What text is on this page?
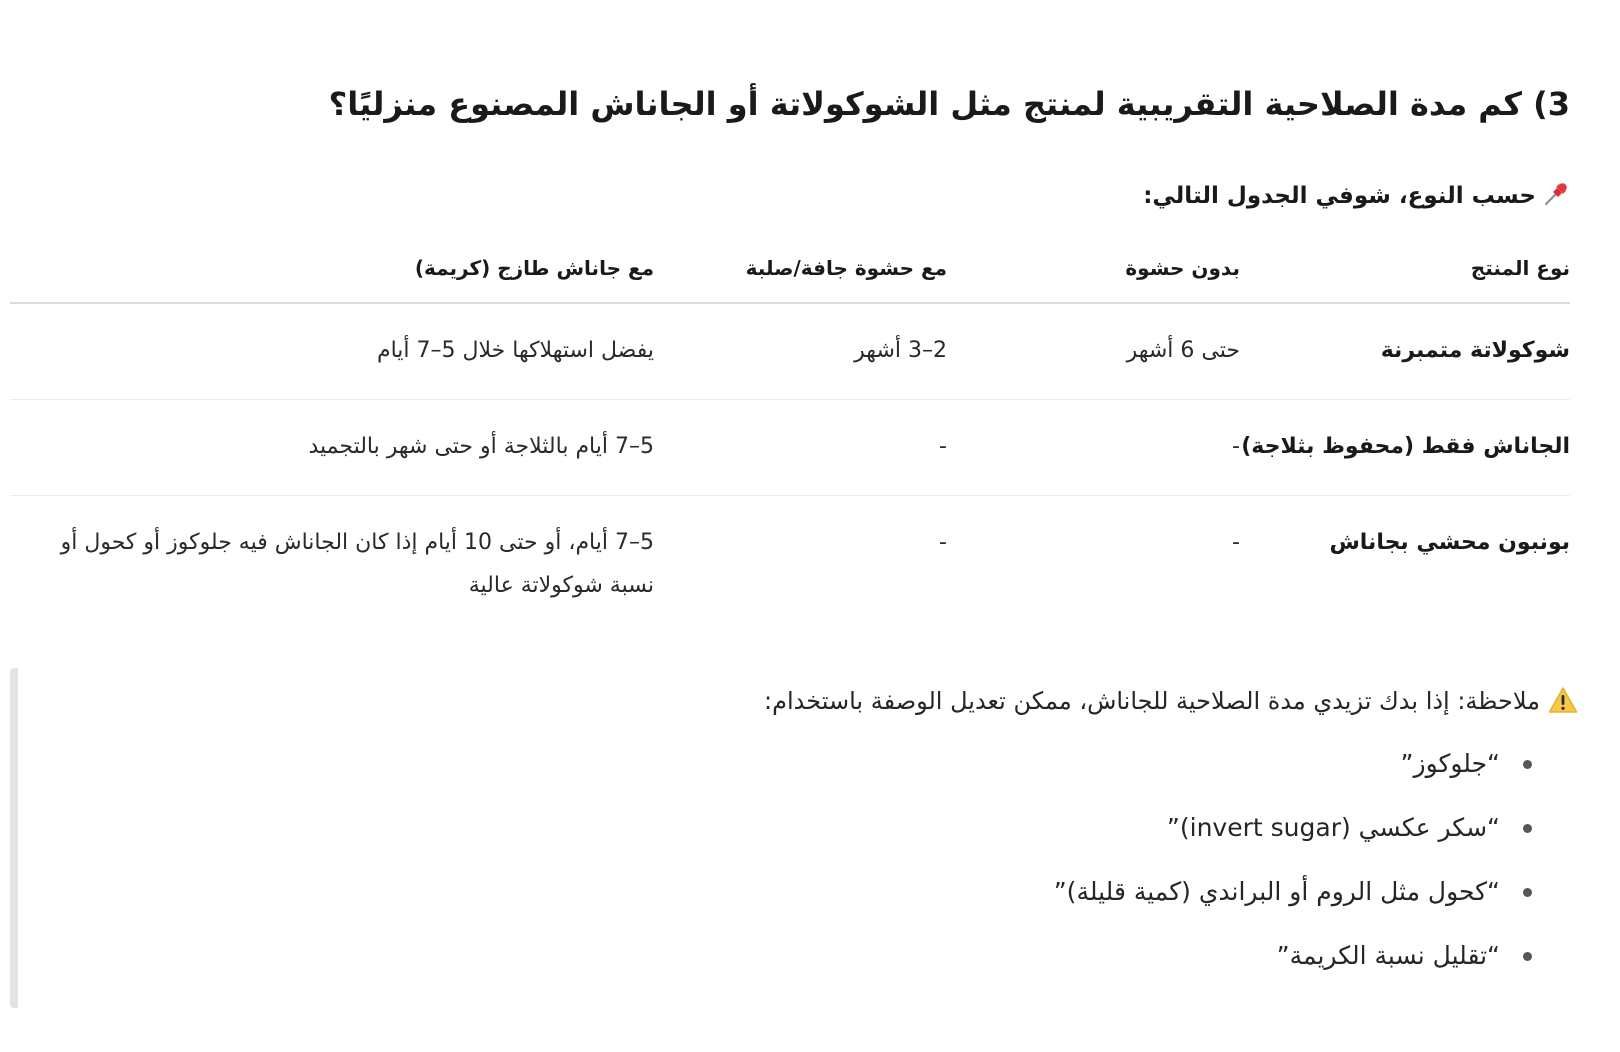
3) كم مدة الصلاحية التقريبية لمنتج مثل الشوكولاتة أو الجاناش المصنوع منزليًا؟
حسب النوع، شوفي الجدول التالي:
نوع المنتج	بدون حشوة	مع حشوة جافة/صلبة	مع جاناش طازج (كريمة)
شوكولاتة متمبرنة	حتى 6 أشهر	2–3 أشهر	يفضل استهلاكها خلال 5–7 أيام
الجاناش فقط (محفوظ بثلاجة)	-	-	5–7 أيام بالثلاجة أو حتى شهر بالتجميد
بونبون محشي بجاناش	-	-	5–7 أيام، أو حتى 10 أيام إذا كان الجاناش فيه جلوكوز أو كحول أو نسبة شوكولاتة عالية
ملاحظة: إذا بدك تزيدي مدة الصلاحية للجاناش، ممكن تعديل الوصفة باستخدام:
“جلوكوز”
“سكر عكسي (invert sugar)”
“كحول مثل الروم أو البراندي (كمية قليلة)”
“تقليل نسبة الكريمة”
